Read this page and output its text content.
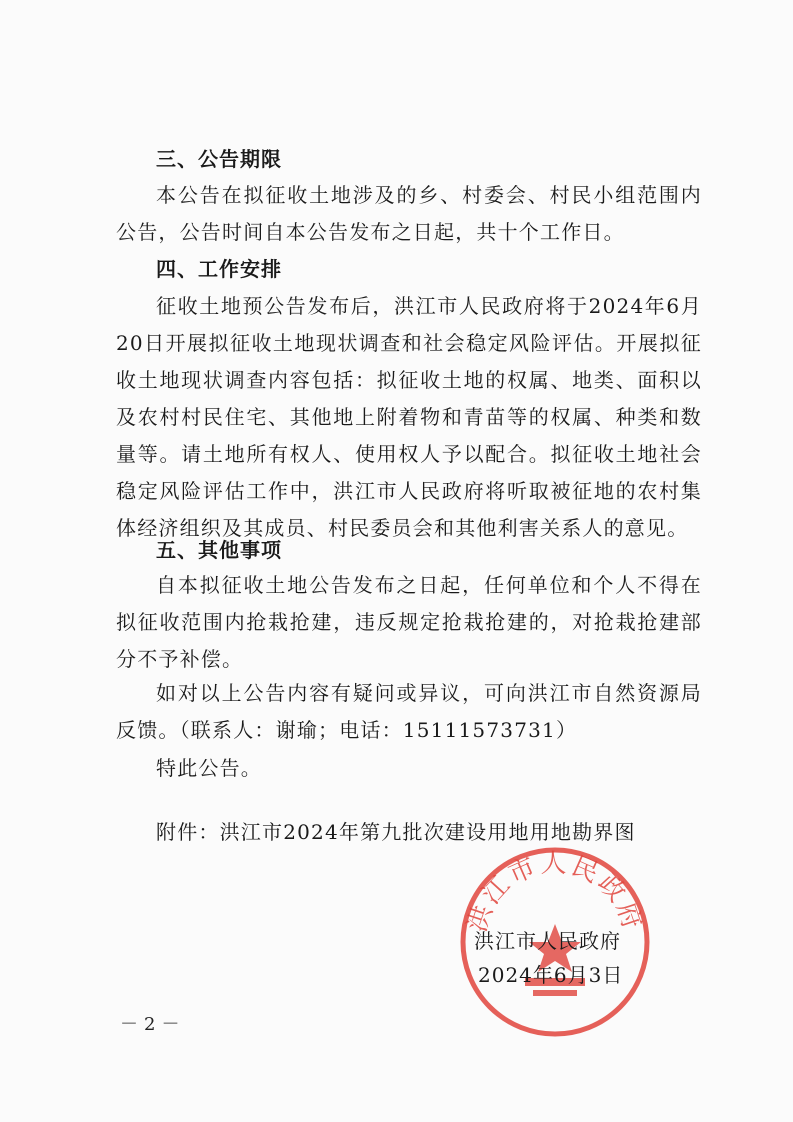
三、公告期限

本公告在拟征收土地涉及的乡、村委会、村民小组范围内公告，公告时间自本公告发布之日起，共十个工作日。

四、工作安排

征收土地预公告发布后，洪江市人民政府将于2024年6月20日开展拟征收土地现状调查和社会稳定风险评估。开展拟征收土地现状调查内容包括：拟征收土地的权属、地类、面积以及农村村民住宅、其他地上附着物和青苗等的权属、种类和数量等。请土地所有权人、使用权人予以配合。拟征收土地社会稳定风险评估工作中，洪江市人民政府将听取被征地的农村集体经济组织及其成员、村民委员会和其他利害关系人的意见。

五、其他事项

自本拟征收土地公告发布之日起，任何单位和个人不得在拟征收范围内抢栽抢建，违反规定抢栽抢建的，对抢栽抢建部分不予补偿。

如对以上公告内容有疑问或异议，可向洪江市自然资源局反馈。（联系人：谢瑜；电话：15111573731）

特此公告。
附件：洪江市2024年第九批次建设用地用地勘界图
洪江市人民政府
洪江市人民政府
2024年6月3日
－2－
